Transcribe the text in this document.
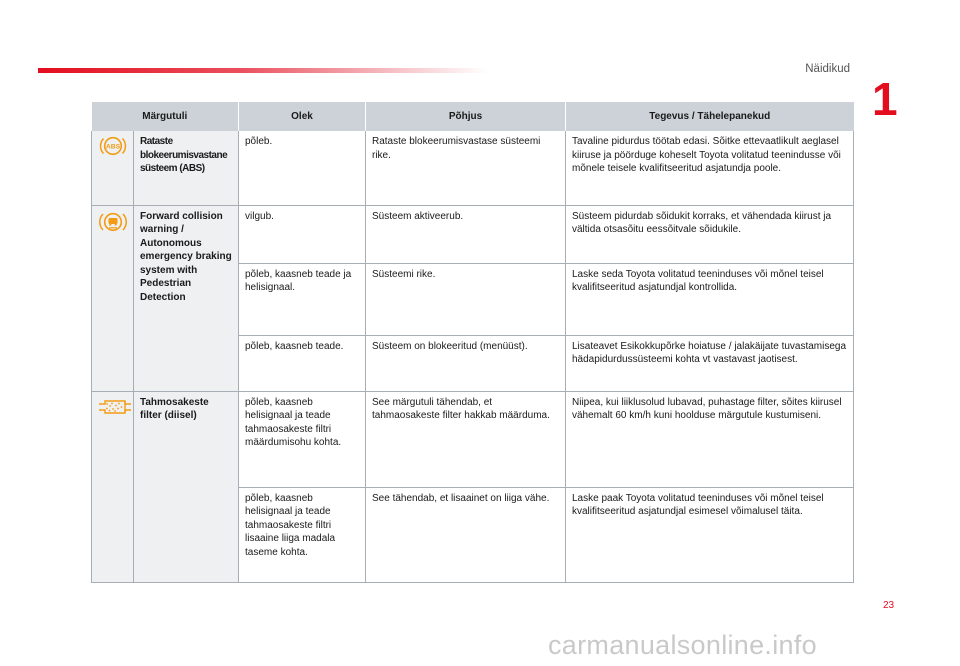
Näidikud
1
Märgutuli		Olek	Põhjus	Tegevus / Tähelepanekud

ABS	Rataste blokeerumisvastane süsteem (ABS)	põleb.	Rataste blokeerumisvastase süsteemi rike.	Tavaline pidurdus töötab edasi. Sõitke ettevaatlikult aeglasel kiiruse ja pöörduge koheselt Toyota volitatud teenindusse või mõnele teisele kvalifitseeritud asjatundja poole.
	Forward collision warning / Autonomous emergency braking system with Pedestrian Detection	vilgub.	Süsteem aktiveerub.	Süsteem pidurdab sõidukit korraks, et vähendada kiirust ja vältida otsasõitu eessõitvale sõidukile.
		põleb, kaasneb teade ja helisignaal.	Süsteemi rike.	Laske seda Toyota volitatud teeninduses või mõnel teisel kvalifitseeritud asjatundjal kontrollida.
		põleb, kaasneb teade.	Süsteem on blokeeritud (menüüst).	Lisateavet Esikokkupõrke hoiatuse / jalakäijate tuvastamisega hädapidurdussüsteemi kohta vt vastavast jaotisest.
	Tahmosakeste filter (diisel)	põleb, kaasneb helisignaal ja teade tahmaosakeste filtri määrdumisohu kohta.	See märgutuli tähendab, et tahmaosakeste filter hakkab määrduma.	Niipea, kui liiklusolud lubavad, puhastage filter, sõites kiirusel vähemalt 60 km/h kuni hoolduse märgutule kustumiseni.
		põleb, kaasneb helisignaal ja teade tahmaosakeste filtri lisaaine liiga madala taseme kohta.	See tähendab, et lisaainet on liiga vähe.	Laske paak Toyota volitatud teeninduses või mõnel teisel kvalifitseeritud asjatundjal esimesel võimalusel täita.
23
carmanualsonline.info
